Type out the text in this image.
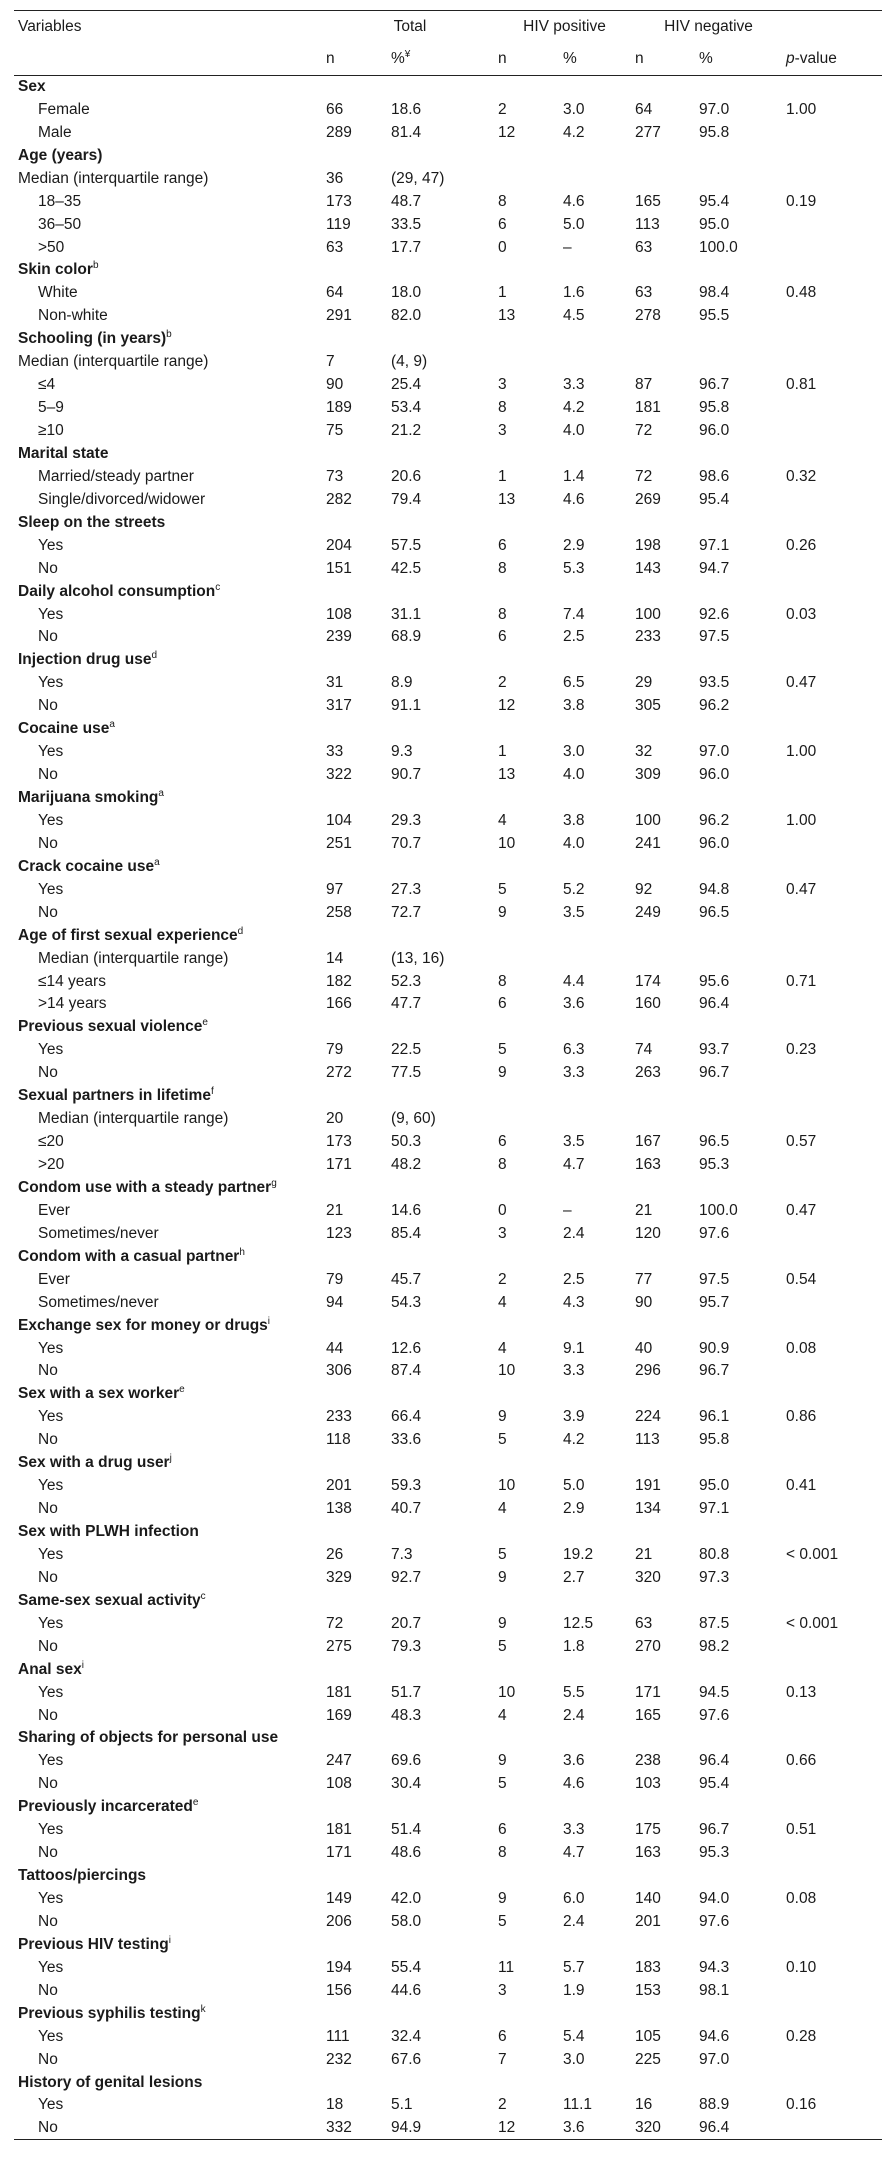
Variables	Total		HIV positive		HIV negative		
	n	%¥	n	%	n	%	p-value
Sex							
Female	66	18.6	2	3.0	64	97.0	1.00
Male	289	81.4	12	4.2	277	95.8	
Age (years)							
Median (interquartile range)	36	(29, 47)					
18–35	173	48.7	8	4.6	165	95.4	0.19
36–50	119	33.5	6	5.0	113	95.0	
>50	63	17.7	0	–	63	100.0	
Skin color$^b$
White	64	18.0	1	1.6	63	98.4	0.48
Non-white	291	82.0	13	4.5	278	95.5	
Schooling (in years)$^b$
Median (interquartile range)	7	(4, 9)					
≤4	90	25.4	3	3.3	87	96.7	0.81
5–9	189	53.4	8	4.2	181	95.8	
≥10	75	21.2	3	4.0	72	96.0	
Marital state							
Married/steady partner	73	20.6	1	1.4	72	98.6	0.32
Single/divorced/widower	282	79.4	13	4.6	269	95.4	
Sleep on the streets							
Yes	204	57.5	6	2.9	198	97.1	0.26
No	151	42.5	8	5.3	143	94.7	
Daily alcohol consumption$^c$
Yes	108	31.1	8	7.4	100	92.6	0.03
No	239	68.9	6	2.5	233	97.5	
Injection drug use$^d$
Yes	31	8.9	2	6.5	29	93.5	0.47
No	317	91.1	12	3.8	305	96.2	
Cocaine use$^a$
Yes	33	9.3	1	3.0	32	97.0	1.00
No	322	90.7	13	4.0	309	96.0	
Marijuana smoking$^a$
Yes	104	29.3	4	3.8	100	96.2	1.00
No	251	70.7	10	4.0	241	96.0	
Crack cocaine use$^a$
Yes	97	27.3	5	5.2	92	94.8	0.47
No	258	72.7	9	3.5	249	96.5	
Age of first sexual experience$^d$
Median (interquartile range)	14	(13, 16)					
≤14 years	182	52.3	8	4.4	174	95.6	0.71
>14 years	166	47.7	6	3.6	160	96.4	
Previous sexual violence$^e$
Yes	79	22.5	5	6.3	74	93.7	0.23
No	272	77.5	9	3.3	263	96.7	
Sexual partners in lifetime$^f$
Median (interquartile range)	20	(9, 60)					
≤20	173	50.3	6	3.5	167	96.5	0.57
>20	171	48.2	8	4.7	163	95.3	
Condom use with a steady partner$^g$
Ever	21	14.6	0	–	21	100.0	0.47
Sometimes/never	123	85.4	3	2.4	120	97.6	
Condom with a casual partner$^h$
Ever	79	45.7	2	2.5	77	97.5	0.54
Sometimes/never	94	54.3	4	4.3	90	95.7	
Exchange sex for money or drugs$^i$
Yes	44	12.6	4	9.1	40	90.9	0.08
No	306	87.4	10	3.3	296	96.7	
Sex with a sex worker$^e$
Yes	233	66.4	9	3.9	224	96.1	0.86
No	118	33.6	5	4.2	113	95.8	
Sex with a drug user$^j$
Yes	201	59.3	10	5.0	191	95.0	0.41
No	138	40.7	4	2.9	134	97.1	
Sex with PLWH infection							
Yes	26	7.3	5	19.2	21	80.8	< 0.001
No	329	92.7	9	2.7	320	97.3	
Same-sex sexual activity$^c$
Yes	72	20.7	9	12.5	63	87.5	< 0.001
No	275	79.3	5	1.8	270	98.2	
Anal sex$^i$
Yes	181	51.7	10	5.5	171	94.5	0.13
No	169	48.3	4	2.4	165	97.6	
Sharing of objects for personal use							
Yes	247	69.6	9	3.6	238	96.4	0.66
No	108	30.4	5	4.6	103	95.4	
Previously incarcerated$^e$
Yes	181	51.4	6	3.3	175	96.7	0.51
No	171	48.6	8	4.7	163	95.3	
Tattoos/piercings							
Yes	149	42.0	9	6.0	140	94.0	0.08
No	206	58.0	5	2.4	201	97.6	
Previous HIV testing$^i$
Yes	194	55.4	11	5.7	183	94.3	0.10
No	156	44.6	3	1.9	153	98.1	
Previous syphilis testing$^k$
Yes	111	32.4	6	5.4	105	94.6	0.28
No	232	67.6	7	3.0	225	97.0	
History of genital lesions							
Yes	18	5.1	2	11.1	16	88.9	0.16
No	332	94.9	12	3.6	320	96.4	
